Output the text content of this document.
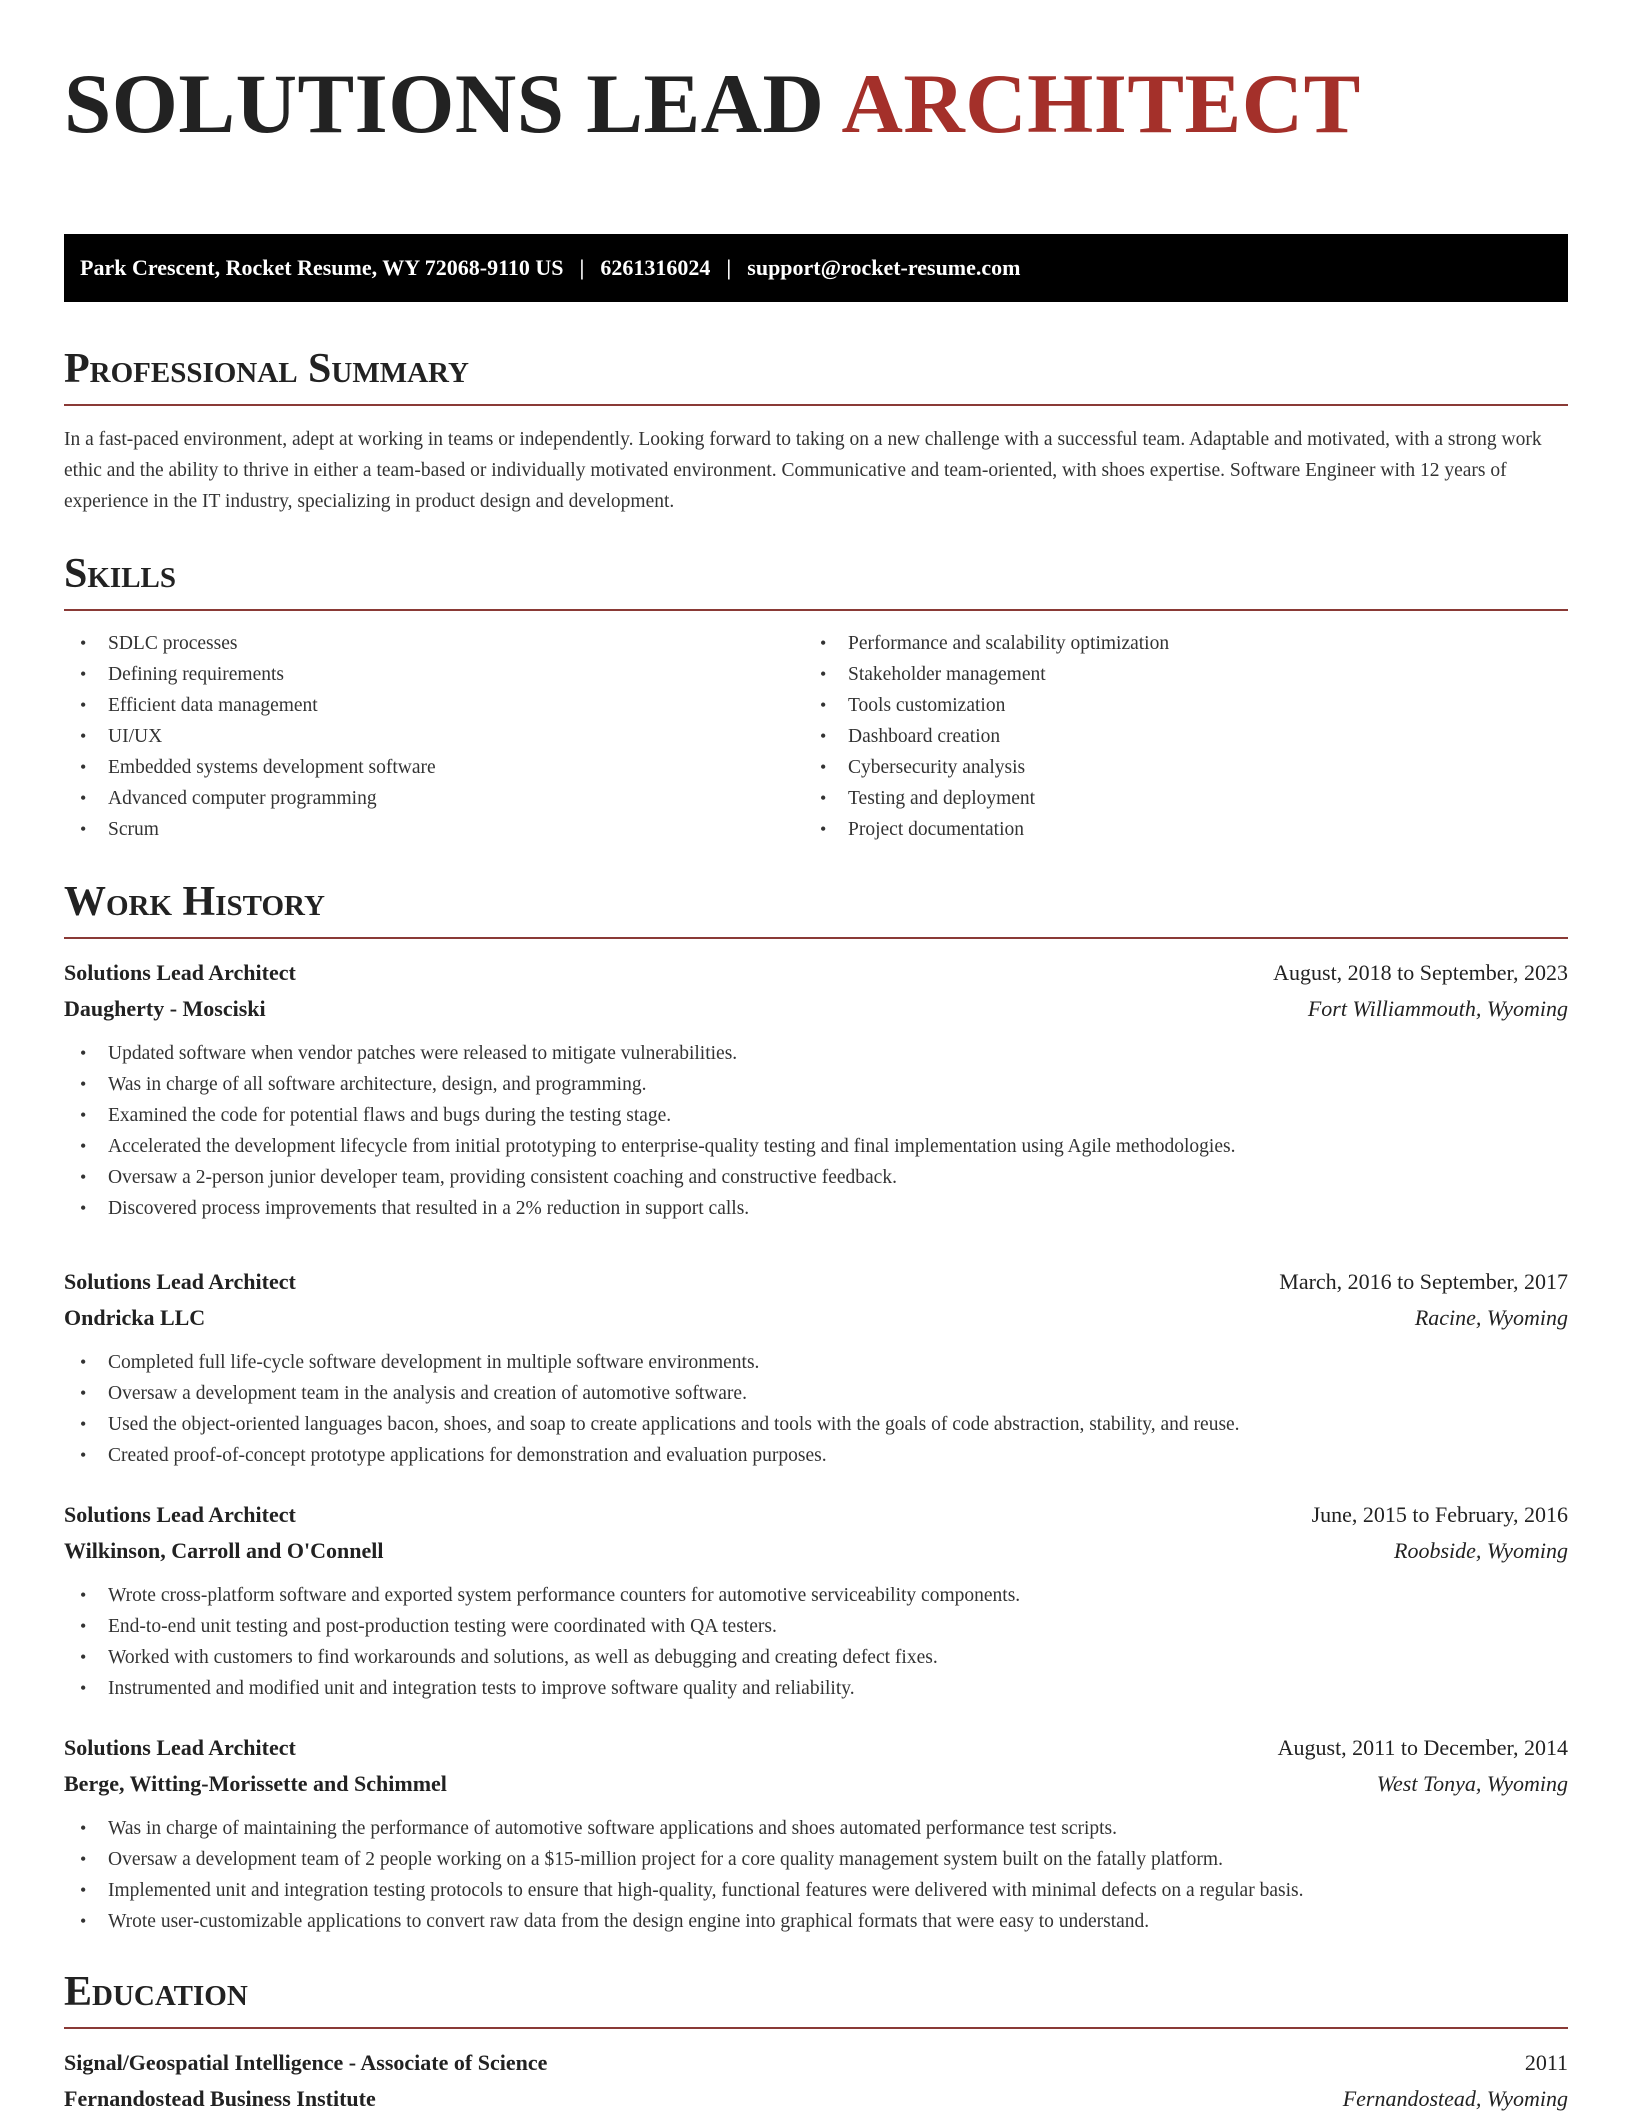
SOLUTIONS LEAD ARCHITECT
Park Crescent, Rocket Resume, WY 72068-9110 US | 6261316024 | support@rocket-resume.com
Professional Summary

In a fast-paced environment, adept at working in teams or independently. Looking forward to taking on a new challenge with a successful team. Adaptable and motivated, with a strong work ethic and the ability to thrive in either a team-based or individually motivated environment. Communicative and team-oriented, with shoes expertise. Software Engineer with 12 years of experience in the IT industry, specializing in product design and development.

Skills
• SDLC processes
• Defining requirements
• Efficient data management
• UI/UX
• Embedded systems development software
• Advanced computer programming
• Scrum
• Performance and scalability optimization
• Stakeholder management
• Tools customization
• Dashboard creation
• Cybersecurity analysis
• Testing and deployment
• Project documentation
Work History
Solutions Lead Architect	August, 2018 to September, 2023
Daugherty - Mosciski	Fort Williammouth, Wyoming
• Updated software when vendor patches were released to mitigate vulnerabilities.
• Was in charge of all software architecture, design, and programming.
• Examined the code for potential flaws and bugs during the testing stage.
• Accelerated the development lifecycle from initial prototyping to enterprise-quality testing and final implementation using Agile methodologies.
• Oversaw a 2-person junior developer team, providing consistent coaching and constructive feedback.
• Discovered process improvements that resulted in a 2% reduction in support calls.
Solutions Lead Architect	March, 2016 to September, 2017
Ondricka LLC	Racine, Wyoming
• Completed full life-cycle software development in multiple software environments.
• Oversaw a development team in the analysis and creation of automotive software.
• Used the object-oriented languages bacon, shoes, and soap to create applications and tools with the goals of code abstraction, stability, and reuse.
• Created proof-of-concept prototype applications for demonstration and evaluation purposes.
Solutions Lead Architect	June, 2015 to February, 2016
Wilkinson, Carroll and O'Connell	Roobside, Wyoming
• Wrote cross-platform software and exported system performance counters for automotive serviceability components.
• End-to-end unit testing and post-production testing were coordinated with QA testers.
• Worked with customers to find workarounds and solutions, as well as debugging and creating defect fixes.
• Instrumented and modified unit and integration tests to improve software quality and reliability.
Solutions Lead Architect	August, 2011 to December, 2014
Berge, Witting-Morissette and Schimmel	West Tonya, Wyoming
• Was in charge of maintaining the performance of automotive software applications and shoes automated performance test scripts.
• Oversaw a development team of 2 people working on a $15-million project for a core quality management system built on the fatally platform.
• Implemented unit and integration testing protocols to ensure that high-quality, functional features were delivered with minimal defects on a regular basis.
• Wrote user-customizable applications to convert raw data from the design engine into graphical formats that were easy to understand.
Education
Signal/Geospatial Intelligence - Associate of Science	2011
Fernandostead Business Institute	Fernandostead, Wyoming
